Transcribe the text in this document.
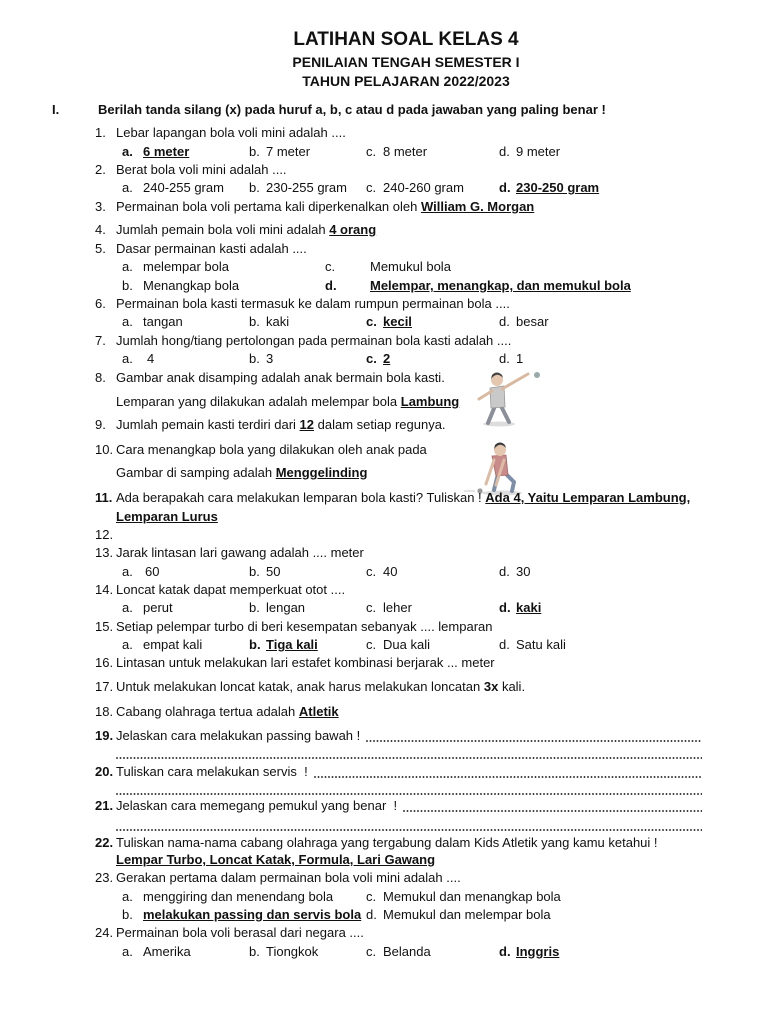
LATIHAN SOAL KELAS 4
PENILAIAN TENGAH SEMESTER I
TAHUN PELAJARAN 2022/2023
I.	Berilah tanda silang (x) pada huruf a, b, c atau d pada jawaban yang paling benar !
1. Lebar lapangan bola voli mini adalah ....
a. 6 meter	b. 7 meter	c. 8 meter	d. 9 meter
2. Berat bola voli mini adalah ....
a. 240-255 gram b. 230-255 gram c. 240-260 gram	d. 230-250 gram
3. Permainan bola voli pertama kali diperkenalkan oleh William G. Morgan
4. Jumlah pemain bola voli mini adalah 4 orang
5. Dasar permainan kasti adalah ....
a. melempar bola	c.	Memukul bola
b. Menangkap bola	d.	Melempar, menangkap, dan memukul bola
6. Permainan bola kasti termasuk ke dalam rumpun permainan bola ....
a. tangan	b. kaki	c. kecil	d. besar
7. Jumlah hong/tiang pertolongan pada permainan bola kasti adalah ....
a. 4	b. 3	c. 2	d. 1
8. Gambar anak disamping adalah anak bermain bola kasti.
Lemparan yang dilakukan adalah melempar bola Lambung
9. Jumlah pemain kasti terdiri dari 12 dalam setiap regunya.
10. Cara menangkap bola yang dilakukan oleh anak pada
Gambar di samping adalah Menggelinding
11. Ada berapakah cara melakukan lemparan bola kasti? Tuliskan ! Ada 4, Yaitu Lemparan Lambung,
Lemparan Lurus
12.
13. Jarak lintasan lari gawang adalah .... meter
a. 60	b. 50	c. 40	d. 30
14. Loncat katak dapat memperkuat otot ....
a. perut	b. lengan	c. leher	d. kaki
15. Setiap pelempar turbo di beri kesempatan sebanyak .... lemparan
a. empat kali	b. Tiga kali	c. Dua kali	d. Satu kali
16. Lintasan untuk melakukan lari estafet kombinasi berjarak ... meter
17. Untuk melakukan loncat katak, anak harus melakukan loncatan 3x kali.
18. Cabang olahraga tertua adalah Atletik
19. Jelaskan cara melakukan passing bawah !
20. Tuliskan cara melakukan servis  !
21. Jelaskan cara memegang pemukul yang benar  !
22. Tuliskan nama-nama cabang olahraga yang tergabung dalam Kids Atletik yang kamu ketahui !
Lempar Turbo, Loncat Katak, Formula, Lari Gawang
23. Gerakan pertama dalam permainan bola voli mini adalah ....
a. menggiring dan menendang bola	c. Memukul dan menangkap bola
b. melakukan passing dan servis bola d. Memukul dan melempar bola
24. Permainan bola voli berasal dari negara ....
a. Amerika	b. Tiongkok	c. Belanda	d. Inggris
